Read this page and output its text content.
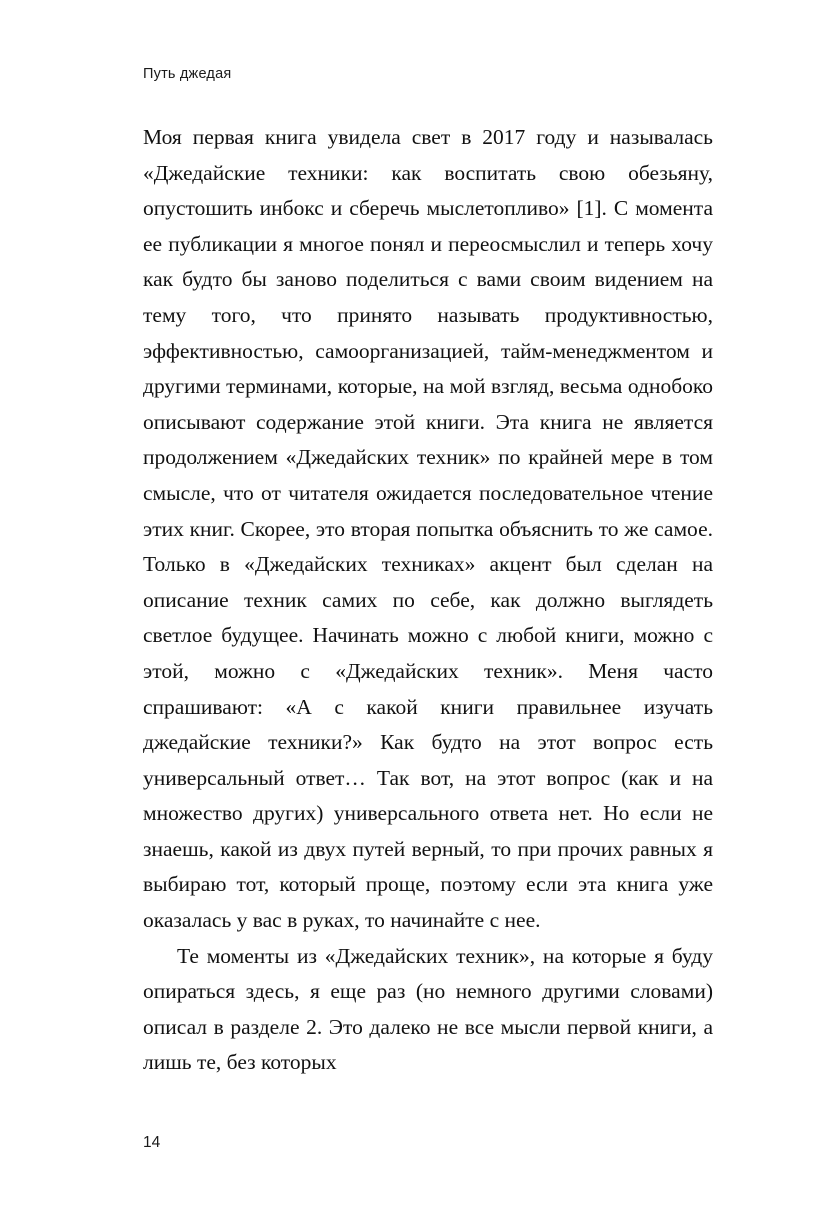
Путь джедая

Моя первая книга увидела свет в 2017 году и называлась «Джедайские техники: как воспитать свою обезьяну, опустошить инбокс и сберечь мыслетопливо» [1]. С момента ее публикации я многое понял и переосмыслил и теперь хочу как будто бы заново поделиться с вами своим видением на тему того, что принято называть продуктивностью, эффективностью, самоорганизацией, тайм-менеджментом и другими терминами, которые, на мой взгляд, весьма однобоко описывают содержание этой книги. Эта книга не является продолжением «Джедайских техник» по крайней мере в том смысле, что от читателя ожидается последовательное чтение этих книг. Скорее, это вторая попытка объяснить то же самое. Только в «Джедайских техниках» акцент был сделан на описание техник самих по себе, как должно выглядеть светлое будущее. Начинать можно с любой книги, можно с этой, можно с «Джедайских техник». Меня часто спрашивают: «А с какой книги правильнее изучать джедайские техники?» Как будто на этот вопрос есть универсальный ответ… Так вот, на этот вопрос (как и на множество других) универсального ответа нет. Но если не знаешь, какой из двух путей верный, то при прочих равных я выбираю тот, который проще, поэтому если эта книга уже оказалась у вас в руках, то начинайте с нее.

Те моменты из «Джедайских техник», на которые я буду опираться здесь, я еще раз (но немного другими словами) описал в разделе 2. Это далеко не все мысли первой книги, а лишь те, без которых

14
